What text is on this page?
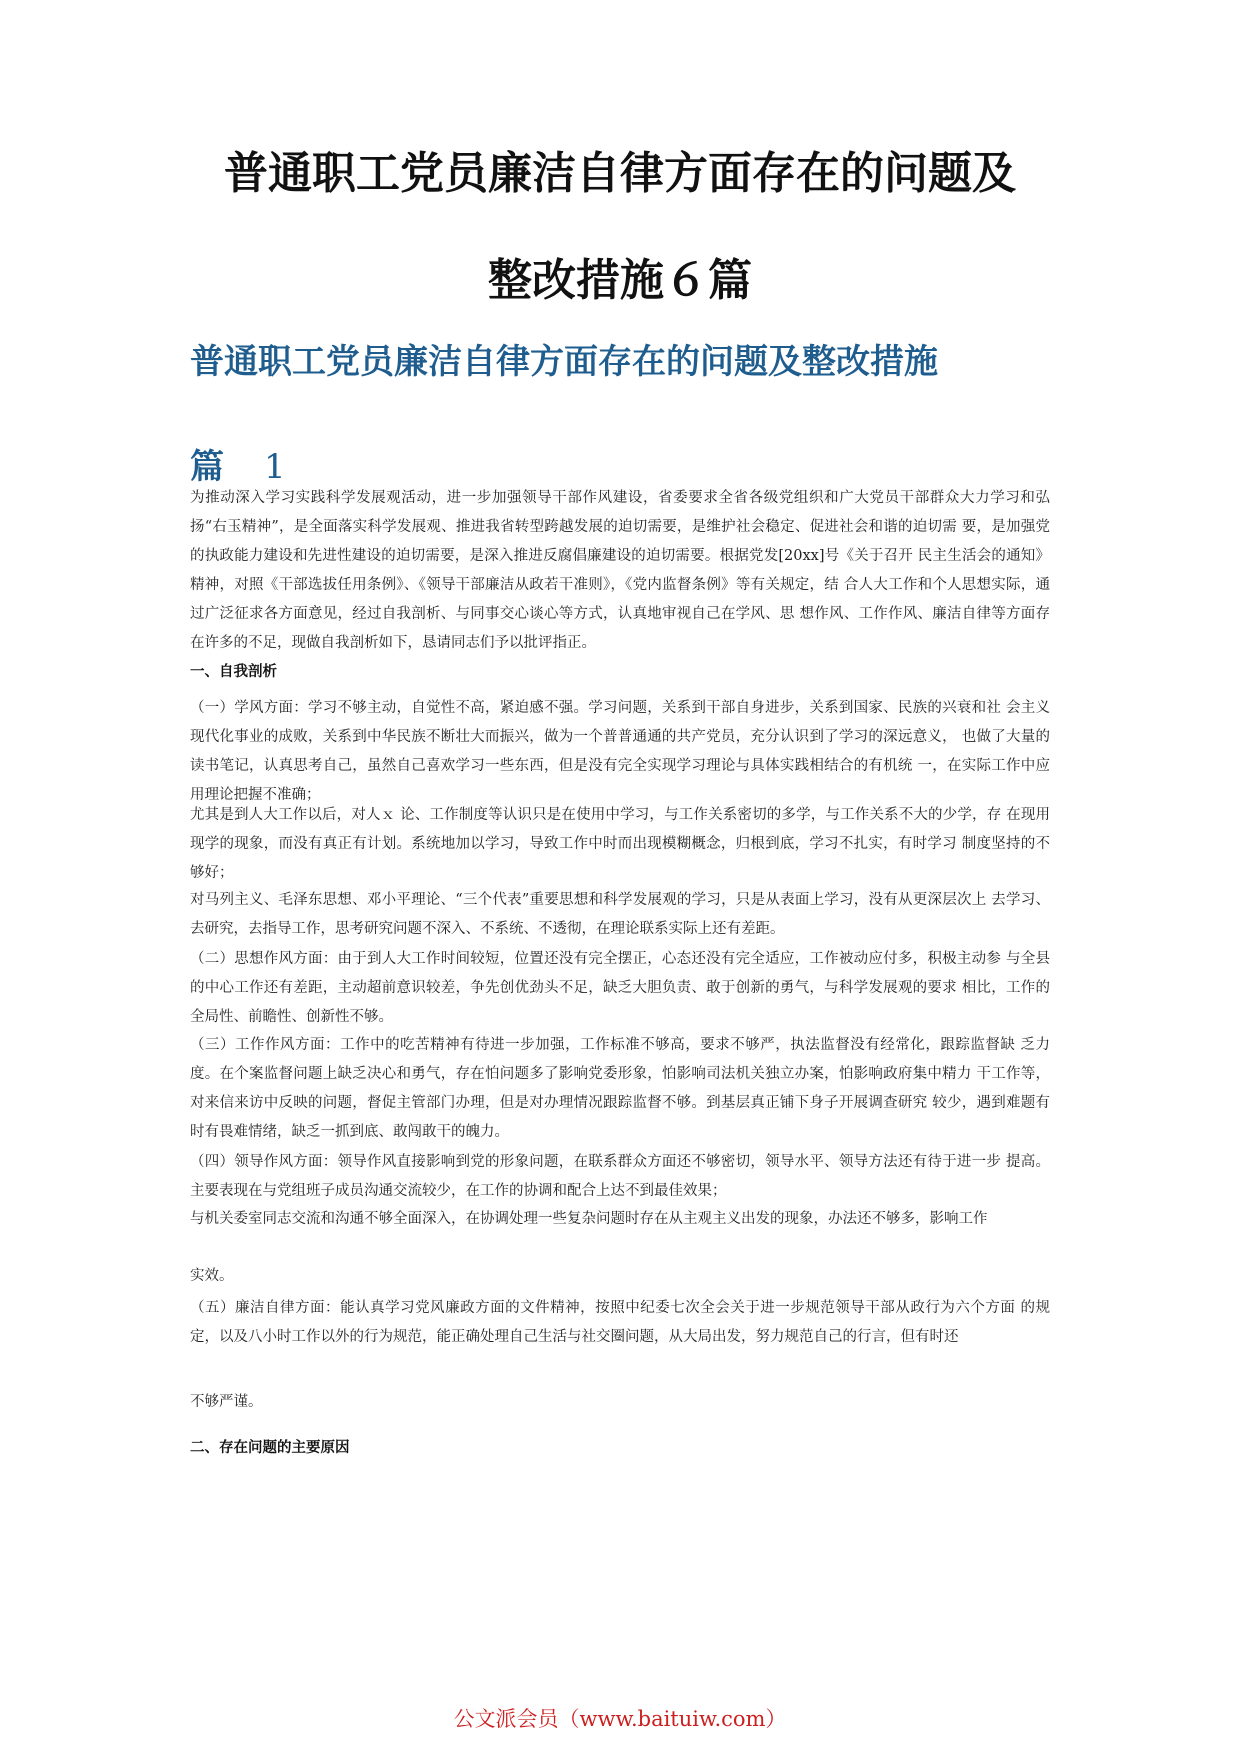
普通职工党员廉洁自律方面存在的问题及
整改措施６篇
普通职工党员廉洁自律方面存在的问题及整改措施
篇 1

为推动深入学习实践科学发展观活动，进一步加强领导干部作风建设，省委要求全省各级党组织和广大党员干部群众大力学习和弘扬“右玉精神”，是全面落实科学发展观、推进我省转型跨越发展的迫切需要，是维护社会稳定、促进社会和谐的迫切需 要，是加强党的执政能力建设和先进性建设的迫切需要，是深入推进反腐倡廉建设的迫切需要。根据党发[20xx]号《关于召开 民主生活会的通知》精神，对照《干部选拔任用条例》、《领导干部廉洁从政若干准则》，《党内监督条例》等有关规定，结 合人大工作和个人思想实际，通过广泛征求各方面意见，经过自我剖析、与同事交心谈心等方式，认真地审视自己在学风、思 想作风、工作作风、廉洁自律等方面存在许多的不足，现做自我剖析如下，恳请同志们予以批评指正。

一、自我剖析

（一）学风方面：学习不够主动，自觉性不高，紧迫感不强。学习问题，关系到干部自身进步，关系到国家、民族的兴衰和社 会主义现代化事业的成败，关系到中华民族不断壮大而振兴，做为一个普普通通的共产党员，充分认识到了学习的深远意义， 也做了大量的读书笔记，认真思考自己，虽然自己喜欢学习一些东西，但是没有完全实现学习理论与具体实践相结合的有机统 一，在实际工作中应用理论把握不准确；

尤其是到人大工作以后，对人ｘ 论、工作制度等认识只是在使用中学习，与工作关系密切的多学，与工作关系不大的少学，存 在现用现学的现象，而没有真正有计划。系统地加以学习，导致工作中时而出现模糊概念，归根到底，学习不扎实，有时学习 制度坚持的不够好；

对马列主义、毛泽东思想、邓小平理论、“三个代表”重要思想和科学发展观的学习，只是从表面上学习，没有从更深层次上 去学习、去研究，去指导工作，思考研究问题不深入、不系统、不透彻，在理论联系实际上还有差距。

（二）思想作风方面：由于到人大工作时间较短，位置还没有完全摆正，心态还没有完全适应，工作被动应付多，积极主动参 与全县的中心工作还有差距，主动超前意识较差，争先创优劲头不足，缺乏大胆负责、敢于创新的勇气，与科学发展观的要求 相比，工作的全局性、前瞻性、创新性不够。

（三）工作作风方面：工作中的吃苦精神有待进一步加强，工作标准不够高，要求不够严，执法监督没有经常化，跟踪监督缺 乏力度。在个案监督问题上缺乏决心和勇气，存在怕问题多了影响党委形象，怕影响司法机关独立办案，怕影响政府集中精力 干工作等，对来信来访中反映的问题，督促主管部门办理，但是对办理情况跟踪监督不够。到基层真正铺下身子开展调查研究 较少，遇到难题有时有畏难情绪，缺乏一抓到底、敢闯敢干的魄力。

（四）领导作风方面：领导作风直接影响到党的形象问题，在联系群众方面还不够密切，领导水平、领导方法还有待于进一步 提高。主要表现在与党组班子成员沟通交流较少，在工作的协调和配合上达不到最佳效果；

与机关委室同志交流和沟通不够全面深入，在协调处理一些复杂问题时存在从主观主义出发的现象，办法还不够多，影响工作

实效。

（五）廉洁自律方面：能认真学习党风廉政方面的文件精神，按照中纪委七次全会关于进一步规范领导干部从政行为六个方面 的规定，以及八小时工作以外的行为规范，能正确处理自己生活与社交圈问题，从大局出发，努力规范自己的行言，但有时还

不够严谨。

二、存在问题的主要原因

公文派会员（www.baituiw.com）
